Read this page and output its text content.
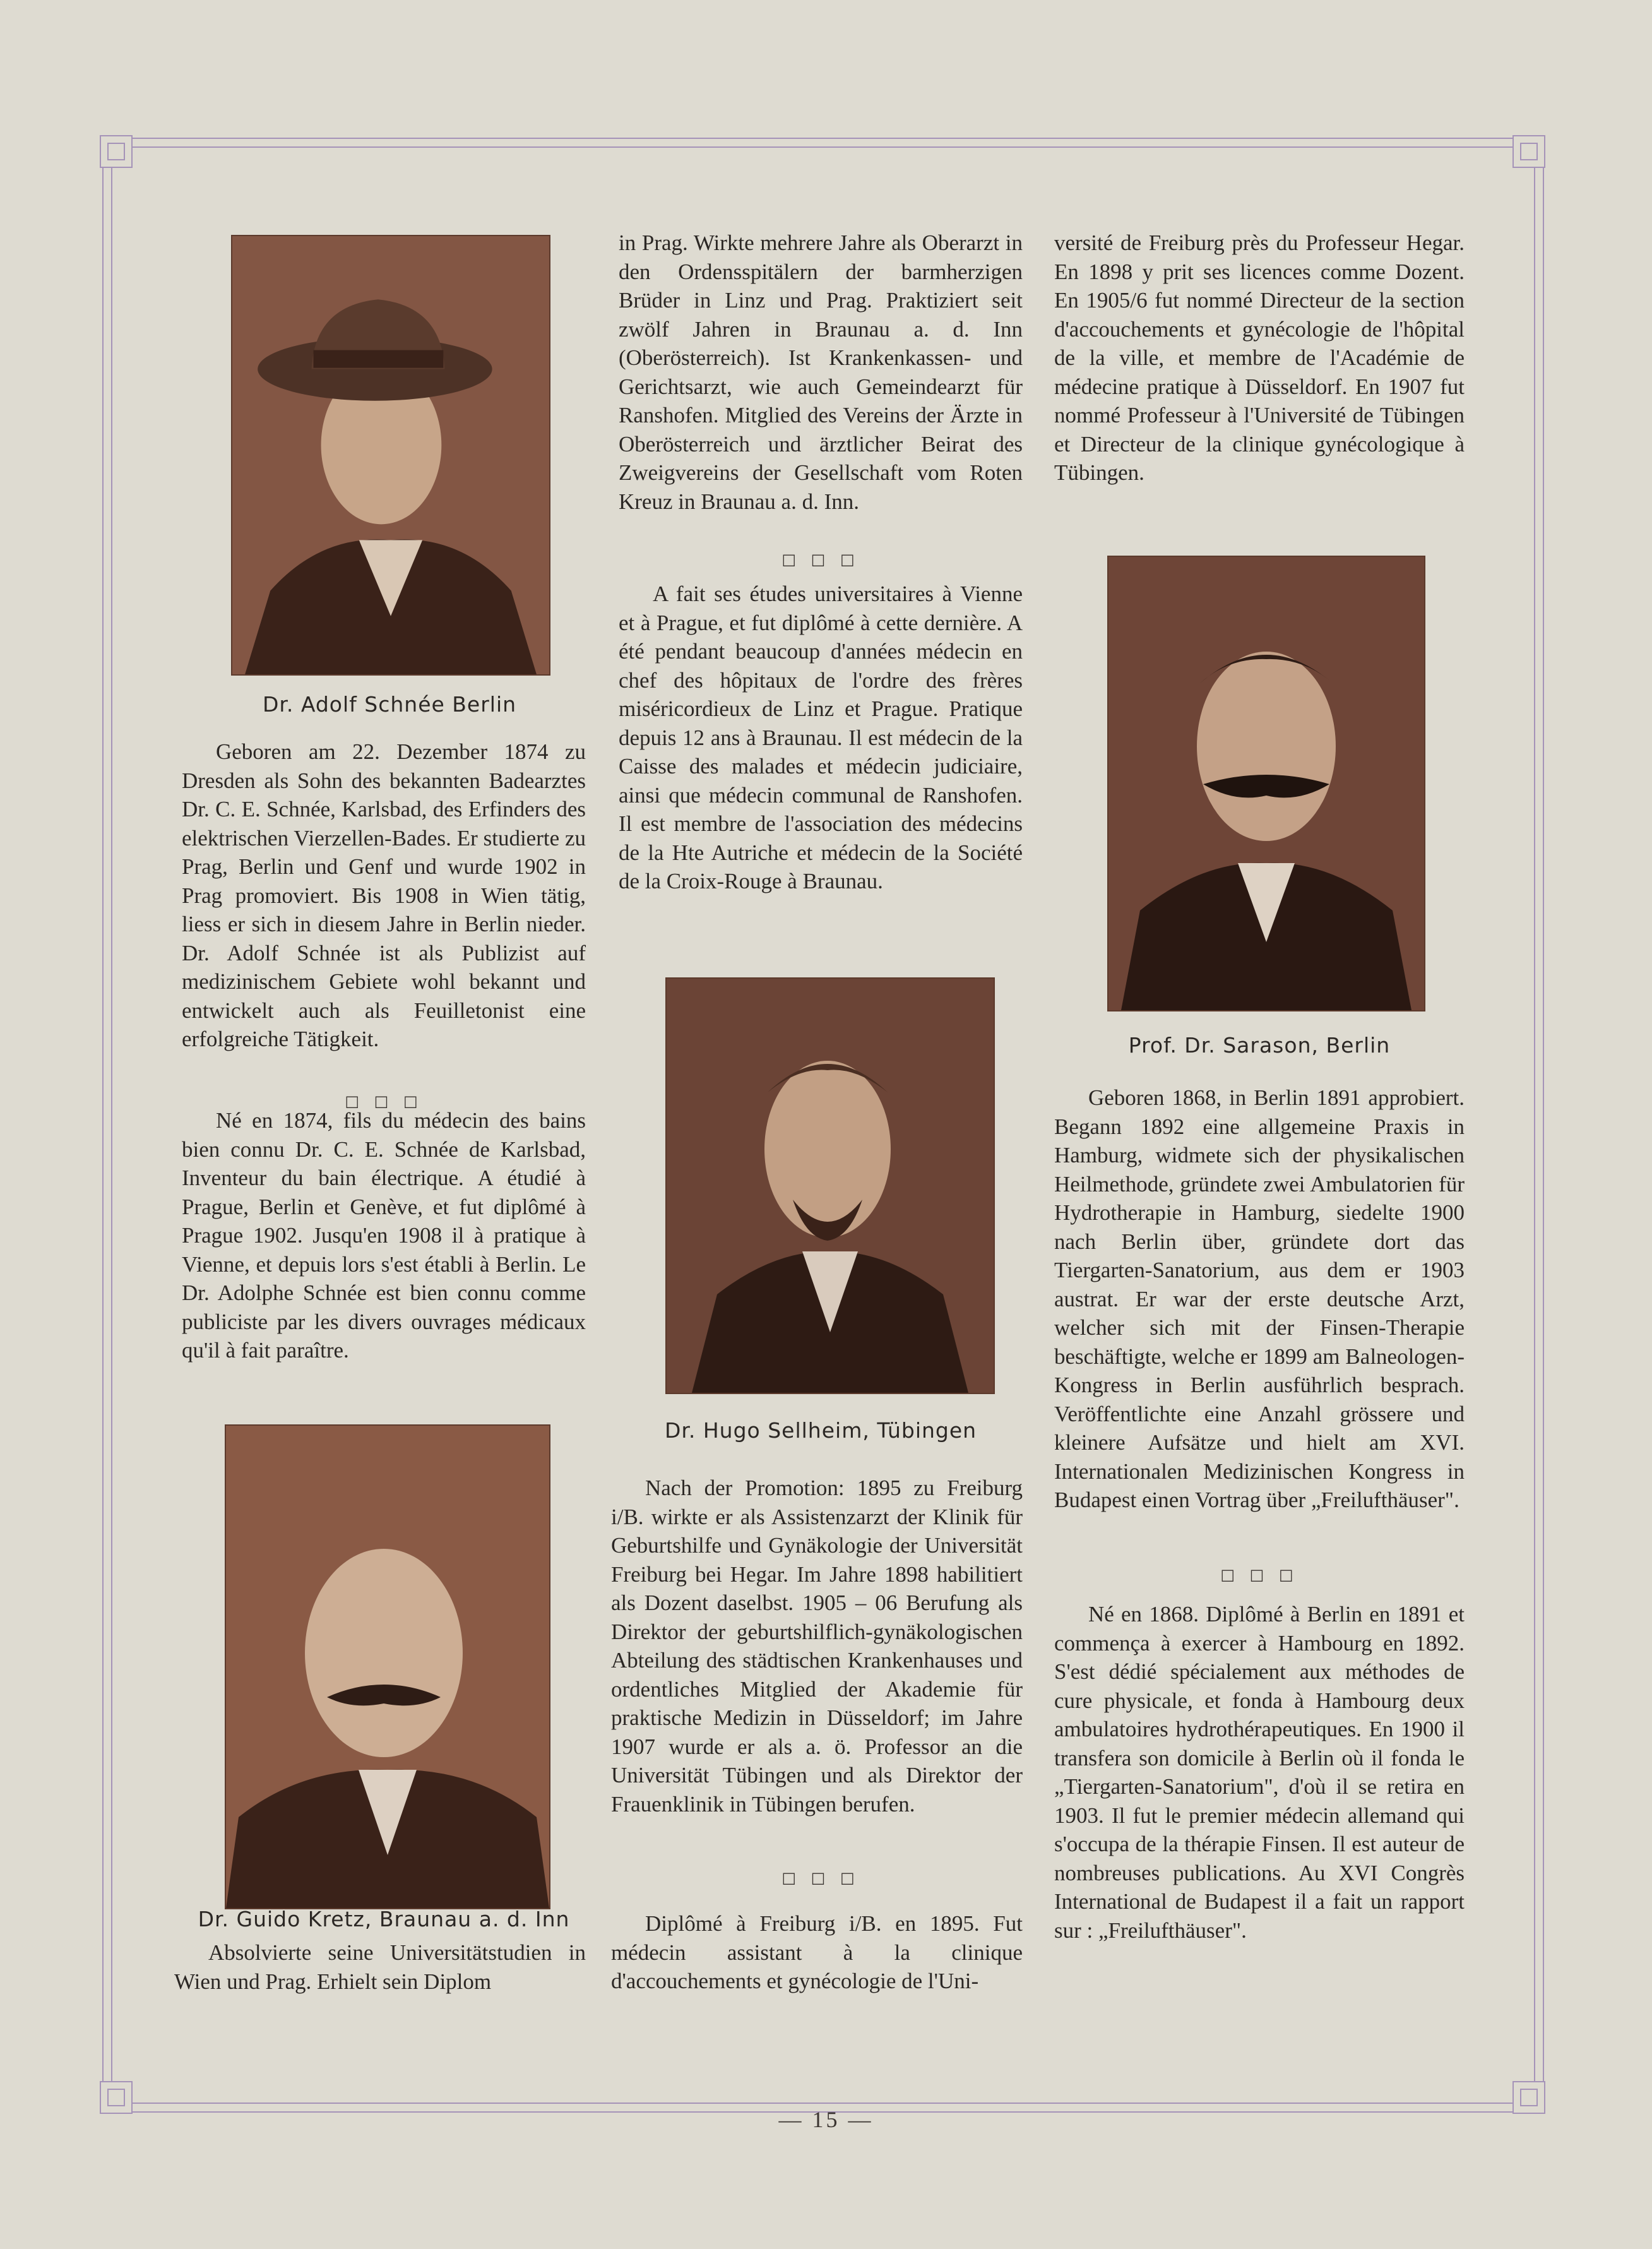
Dr. Adolf Schnée Berlin

Geboren am 22. Dezember 1874 zu Dresden als Sohn des bekannten Badearztes Dr. C. E. Schnée, Karlsbad, des Erfinders des elektrischen Vierzellen-Bades. Er studierte zu Prag, Berlin und Genf und wurde 1902 in Prag promoviert. Bis 1908 in Wien tätig, liess er sich in diesem Jahre in Berlin nieder. Dr. Adolf Schnée ist als Publizist auf medizinischem Gebiete wohl bekannt und entwickelt auch als Feuilletonist eine erfolgreiche Tätigkeit.

□ □ □

Né en 1874, fils du médecin des bains bien connu Dr. C. E. Schnée de Karlsbad, Inventeur du bain électrique. A étudié à Prague, Berlin et Genève, et fut diplômé à Prague 1902. Jusqu'en 1908 il à pratique à Vienne, et depuis lors s'est établi à Berlin. Le Dr. Adolphe Schnée est bien connu comme publiciste par les divers ouvrages médicaux qu'il à fait paraître.

Dr. Guido Kretz, Braunau a. d. Inn

Absolvierte seine Universitätstudien in Wien und Prag. Erhielt sein Diplom

in Prag. Wirkte mehrere Jahre als Oberarzt in den Ordensspitälern der barmherzigen Brüder in Linz und Prag. Praktiziert seit zwölf Jahren in Braunau a. d. Inn (Oberösterreich). Ist Krankenkassen- und Gerichtsarzt, wie auch Gemeindearzt für Ranshofen. Mitglied des Vereins der Ärzte in Oberösterreich und ärztlicher Beirat des Zweigvereins der Gesellschaft vom Roten Kreuz in Braunau a. d. Inn.

□ □ □

A fait ses études universitaires à Vienne et à Prague, et fut diplômé à cette dernière. A été pendant beaucoup d'années médecin en chef des hôpitaux de l'ordre des frères miséricordieux de Linz et Prague. Pratique depuis 12 ans à Braunau. Il est médecin de la Caisse des malades et médecin judiciaire, ainsi que médecin communal de Ranshofen. Il est membre de l'association des médecins de la Hte Autriche et médecin de la Société de la Croix-Rouge à Braunau.

Dr. Hugo Sellheim, Tübingen

Nach der Promotion: 1895 zu Freiburg i/B. wirkte er als Assistenzarzt der Klinik für Geburtshilfe und Gynäkologie der Universität Freiburg bei Hegar. Im Jahre 1898 habilitiert als Dozent daselbst. 1905 – 06 Berufung als Direktor der geburtshilflich-gynäkologischen Abteilung des städtischen Krankenhauses und ordentliches Mitglied der Akademie für praktische Medizin in Düsseldorf; im Jahre 1907 wurde er als a. ö. Professor an die Universität Tübingen und als Direktor der Frauenklinik in Tübingen berufen.

□ □ □

Diplômé à Freiburg i/B. en 1895. Fut médecin assistant à la clinique d'accouchements et gynécologie de l'Uni-

versité de Freiburg près du Professeur Hegar. En 1898 y prit ses licences comme Dozent. En 1905/6 fut nommé Directeur de la section d'accouchements et gynécologie de l'hôpital de la ville, et membre de l'Académie de médecine pratique à Düsseldorf. En 1907 fut nommé Professeur à l'Université de Tübingen et Directeur de la clinique gynécologique à Tübingen.

Prof. Dr. Sarason, Berlin

Geboren 1868, in Berlin 1891 approbiert. Begann 1892 eine allgemeine Praxis in Hamburg, widmete sich der physikalischen Heilmethode, gründete zwei Ambulatorien für Hydrotherapie in Hamburg, siedelte 1900 nach Berlin über, gründete dort das Tiergarten-Sanatorium, aus dem er 1903 austrat. Er war der erste deutsche Arzt, welcher sich mit der Finsen-Therapie beschäftigte, welche er 1899 am Balneologen-Kongress in Berlin ausführlich besprach. Veröffentlichte eine Anzahl grössere und kleinere Aufsätze und hielt am XVI. Internationalen Medizinischen Kongress in Budapest einen Vortrag über „Freilufthäuser".

□ □ □

Né en 1868. Diplômé à Berlin en 1891 et commença à exercer à Hambourg en 1892. S'est dédié spécialement aux méthodes de cure physicale, et fonda à Hambourg deux ambulatoires hydrothérapeutiques. En 1900 il transfera son domicile à Berlin où il fonda le „Tiergarten-Sanatorium", d'où il se retira en 1903. Il fut le premier médecin allemand qui s'occupa de la thérapie Finsen. Il est auteur de nombreuses publications. Au XVI Congrès International de Budapest il a fait un rapport sur : „Freilufthäuser".

— 15 —
